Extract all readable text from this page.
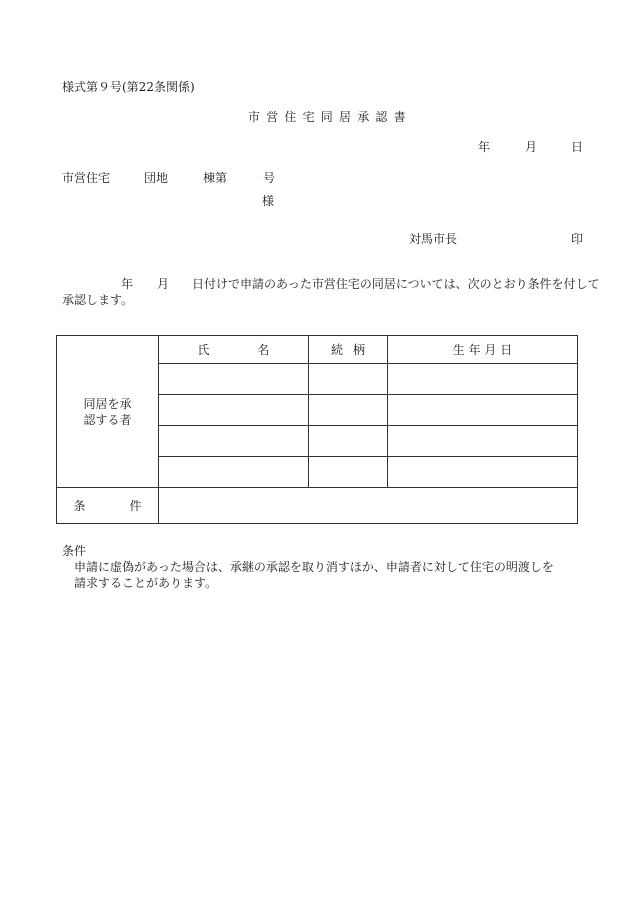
様式第９号(第22条関係)
市営住宅同居承認書
年	月	日
市営住宅	団地	棟第	号
様
対馬市長	印
年 月 日付けで申請のあった市営住宅の同居については、次のとおり条件を付して
承認します。
同居を承
認する者	氏 名	続 柄	生 年 月 日

条 件			
条件
申請に虚偽があった場合は、承継の承認を取り消すほか、申請者に対して住宅の明渡しを
請求することがあります。
